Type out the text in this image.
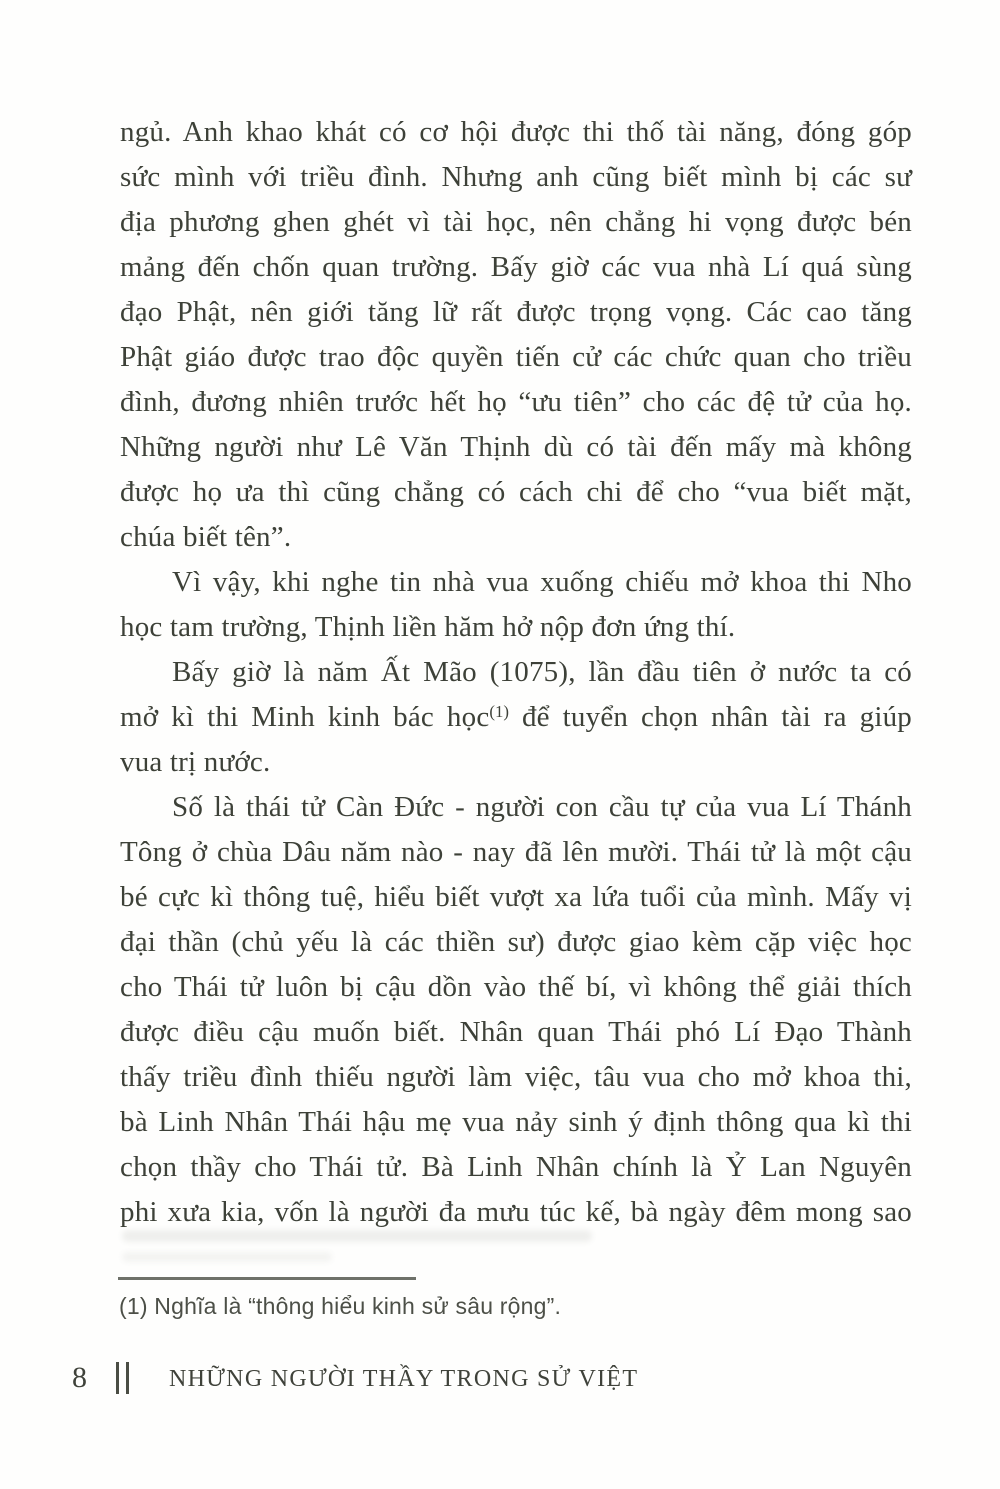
ngủ. Anh khao khát có cơ hội được thi thố tài năng, đóng góp
sức mình với triều đình. Nhưng anh cũng biết mình bị các sư
địa phương ghen ghét vì tài học, nên chẳng hi vọng được bén
mảng đến chốn quan trường. Bấy giờ các vua nhà Lí quá sùng
đạo Phật, nên giới tăng lữ rất được trọng vọng. Các cao tăng
Phật giáo được trao độc quyền tiến cử các chức quan cho triều
đình, đương nhiên trước hết họ “ưu tiên” cho các đệ tử của họ.
Những người như Lê Văn Thịnh dù có tài đến mấy mà không
được họ ưa thì cũng chẳng có cách chi để cho “vua biết mặt,
chúa biết tên”.
Vì vậy, khi nghe tin nhà vua xuống chiếu mở khoa thi Nho
học tam trường, Thịnh liền hăm hở nộp đơn ứng thí.
Bấy giờ là năm Ất Mão (1075), lần đầu tiên ở nước ta có
mở kì thi Minh kinh bác học$^{(1)}$ để tuyển chọn nhân tài ra giúp
vua trị nước.
Số là thái tử Càn Đức - người con cầu tự của vua Lí Thánh
Tông ở chùa Dâu năm nào - nay đã lên mười. Thái tử là một cậu
bé cực kì thông tuệ, hiểu biết vượt xa lứa tuổi của mình. Mấy vị
đại thần (chủ yếu là các thiền sư) được giao kèm cặp việc học
cho Thái tử luôn bị cậu dồn vào thế bí, vì không thể giải thích
được điều cậu muốn biết. Nhân quan Thái phó Lí Đạo Thành
thấy triều đình thiếu người làm việc, tâu vua cho mở khoa thi,
bà Linh Nhân Thái hậu mẹ vua nảy sinh ý định thông qua kì thi
chọn thầy cho Thái tử. Bà Linh Nhân chính là Ỷ Lan Nguyên
phi xưa kia, vốn là người đa mưu túc kế, bà ngày đêm mong sao
(1) Nghĩa là “thông hiểu kinh sử sâu rộng”.
8	NHỮNG NGƯỜI THẦY TRONG SỬ VIỆT
